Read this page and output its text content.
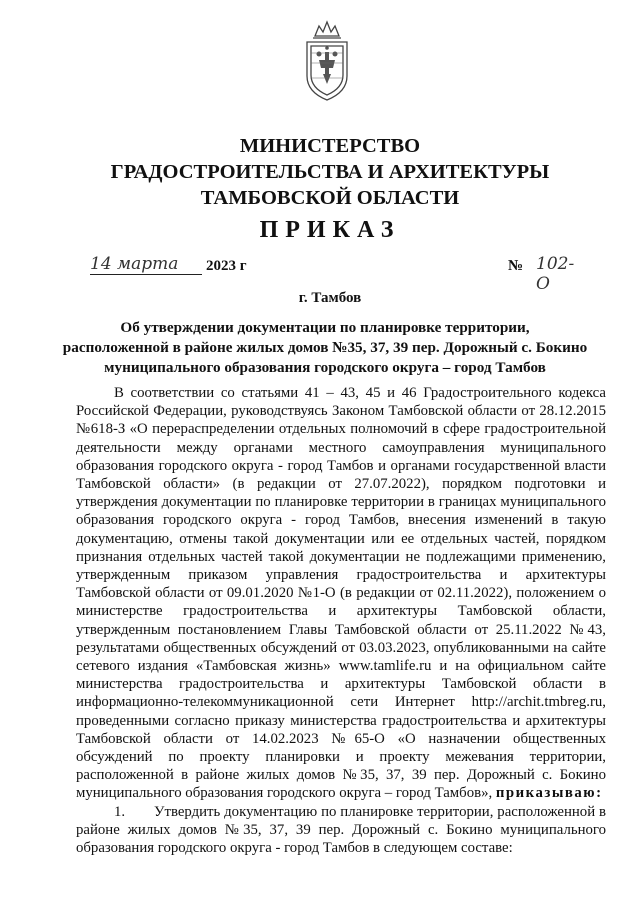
МИНИСТЕРСТВО
ГРАДОСТРОИТЕЛЬСТВА И АРХИТЕКТУРЫ
ТАМБОВСКОЙ ОБЛАСТИ
ПРИКАЗ
14 марта	2023 г	№ 102-О
г. Тамбов
Об утверждении документации по планировке территории,
расположенной в районе жилых домов №35, 37, 39 пер. Дорожный с. Бокино
муниципального образования городского округа – город Тамбов

В соответствии со статьями 41 – 43, 45 и 46 Градостроительного кодекса Российской Федерации, руководствуясь Законом Тамбовской области от 28.12.2015 №618-З «О перераспределении отдельных полномочий в сфере градостроительной деятельности между органами местного самоуправления муниципального образования городского округа - город Тамбов и органами государственной власти Тамбовской области» (в редакции от 27.07.2022), порядком подготовки и утверждения документации по планировке территории в границах муниципального образования городского округа - город Тамбов, внесения изменений в такую документацию, отмены такой документации или ее отдельных частей, порядком признания отдельных частей такой документации не подлежащими применению, утвержденным приказом управления градостроительства и архитектуры Тамбовской области от 09.01.2020 №1-О (в редакции от 02.11.2022), положением о министерстве градостроительства и архитектуры Тамбовской области, утвержденным постановлением Главы Тамбовской области от 25.11.2022 №43, результатами общественных обсуждений от 03.03.2023, опубликованными на сайте сетевого издания «Тамбовская жизнь» www.tamlife.ru и на официальном сайте министерства градостроительства и архитектуры Тамбовской области в информационно-телекоммуникационной сети Интернет http://archit.tmbreg.ru, проведенными согласно приказу министерства градостроительства и архитектуры Тамбовской области от 14.02.2023 №65-О «О назначении общественных обсуждений по проекту планировки и проекту межевания территории, расположенной в районе жилых домов №35, 37, 39 пер. Дорожный с. Бокино муниципального образования городского округа – город Тамбов», приказываю:

1. Утвердить документацию по планировке территории, расположенной в районе жилых домов №35, 37, 39 пер. Дорожный с. Бокино муниципального образования городского округа - город Тамбов в следующем составе:
